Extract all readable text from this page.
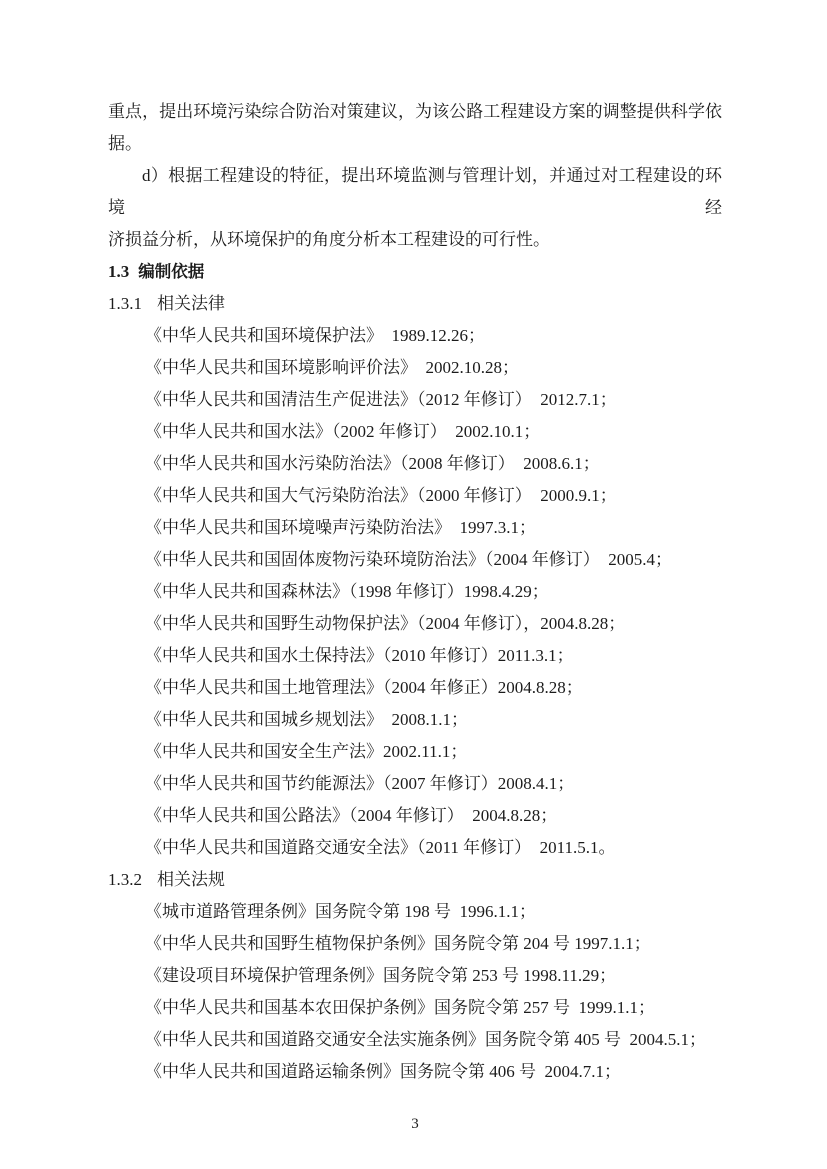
重点，提出环境污染综合防治对策建议，为该公路工程建设方案的调整提供科学依
据。
d）根据工程建设的特征，提出环境监测与管理计划，并通过对工程建设的环境经
济损益分析，从环境保护的角度分析本工程建设的可行性。
1.3 编制依据
1.3.1 相关法律
《中华人民共和国环境保护法》  1989.12.26；
《中华人民共和国环境影响评价法》  2002.10.28；
《中华人民共和国清洁生产促进法》（2012 年修订）  2012.7.1；
《中华人民共和国水法》（2002 年修订）  2002.10.1；
《中华人民共和国水污染防治法》（2008 年修订）  2008.6.1；
《中华人民共和国大气污染防治法》（2000 年修订）  2000.9.1；
《中华人民共和国环境噪声污染防治法》  1997.3.1；
《中华人民共和国固体废物污染环境防治法》（2004 年修订）  2005.4；
《中华人民共和国森林法》（1998 年修订）1998.4.29；
《中华人民共和国野生动物保护法》（2004 年修订），2004.8.28；
《中华人民共和国水土保持法》（2010 年修订）2011.3.1；
《中华人民共和国土地管理法》（2004 年修正）2004.8.28；
《中华人民共和国城乡规划法》  2008.1.1；
《中华人民共和国安全生产法》2002.11.1；
《中华人民共和国节约能源法》（2007 年修订）2008.4.1；
《中华人民共和国公路法》（2004 年修订）  2004.8.28；
《中华人民共和国道路交通安全法》（2011 年修订）  2011.5.1。
1.3.2 相关法规
《城市道路管理条例》国务院令第 198 号  1996.1.1；
《中华人民共和国野生植物保护条例》国务院令第 204 号 1997.1.1；
《建设项目环境保护管理条例》国务院令第 253 号 1998.11.29；
《中华人民共和国基本农田保护条例》国务院令第 257 号  1999.1.1；
《中华人民共和国道路交通安全法实施条例》国务院令第 405 号  2004.5.1；
《中华人民共和国道路运输条例》国务院令第 406 号  2004.7.1；
3
